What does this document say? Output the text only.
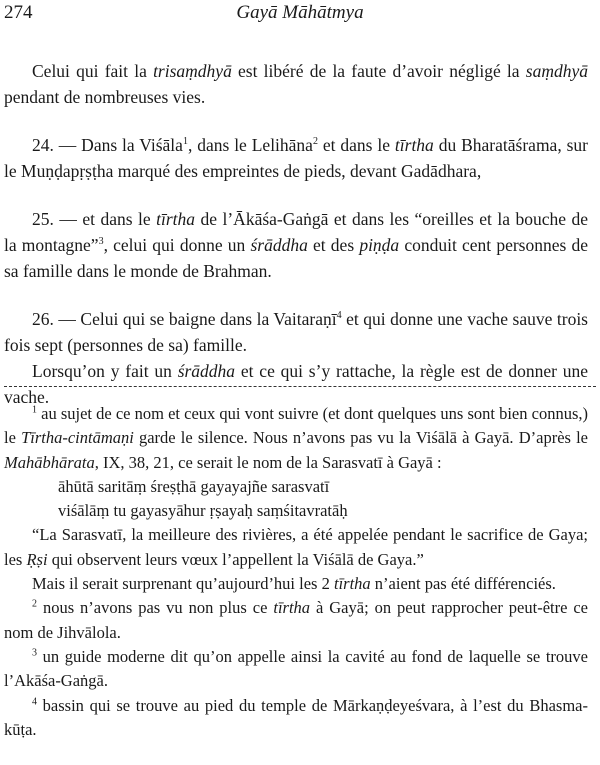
274	Gayā Māhātmya

Celui qui fait la trisaṃdhyā est libéré de la faute d’avoir négligé la saṃdhyā pendant de nombreuses vies.

24. — Dans la Viśāla$^1$, dans le Lelihāna$^2$ et dans le tīrtha du Bharatāśrama, sur le Muṇḍapṛṣṭha marqué des empreintes de pieds, devant Gadādhara,

25. — et dans le tīrtha de l’Ākāśa-Gaṅgā et dans les “oreilles et la bouche de la montagne”$^3$, celui qui donne un śrāddha et des piṇḍa conduit cent personnes de sa famille dans le monde de Brahman.

26. — Celui qui se baigne dans la Vaitaraṇī$^4$ et qui donne une vache sauve trois fois sept (personnes de sa) famille.

Lorsqu’on y fait un śrāddha et ce qui s’y rattache, la règle est de donner une vache.

$^1$ au sujet de ce nom et ceux qui vont suivre (et dont quelques uns sont bien connus,) le Tīrtha-cintāmaṇi garde le silence. Nous n’avons pas vu la Viśālā à Gayā. D’après le Mahābhārata, IX, 38, 21, ce serait le nom de la Sarasvatī à Gayā :

āhūtā saritāṃ śreṣṭhā gayayajñe sarasvatī

viśālāṃ tu gayasyāhur ṛṣayaḥ saṃśitavratāḥ

“La Sarasvatī, la meilleure des rivières, a été appelée pendant le sacrifice de Gaya; les Ṛṣi qui observent leurs vœux l’appellent la Viśālā de Gaya.”

Mais il serait surprenant qu’aujourd’hui les 2 tīrtha n’aient pas été différenciés.

$^2$ nous n’avons pas vu non plus ce tīrtha à Gayā; on peut rapprocher peut-être ce nom de Jihvālola.

$^3$ un guide moderne dit qu’on appelle ainsi la cavité au fond de laquelle se trouve l’Akāśa-Gaṅgā.

$^4$ bassin qui se trouve au pied du temple de Mārkaṇḍeyeśvara, à l’est du Bhasma-kūṭa.
